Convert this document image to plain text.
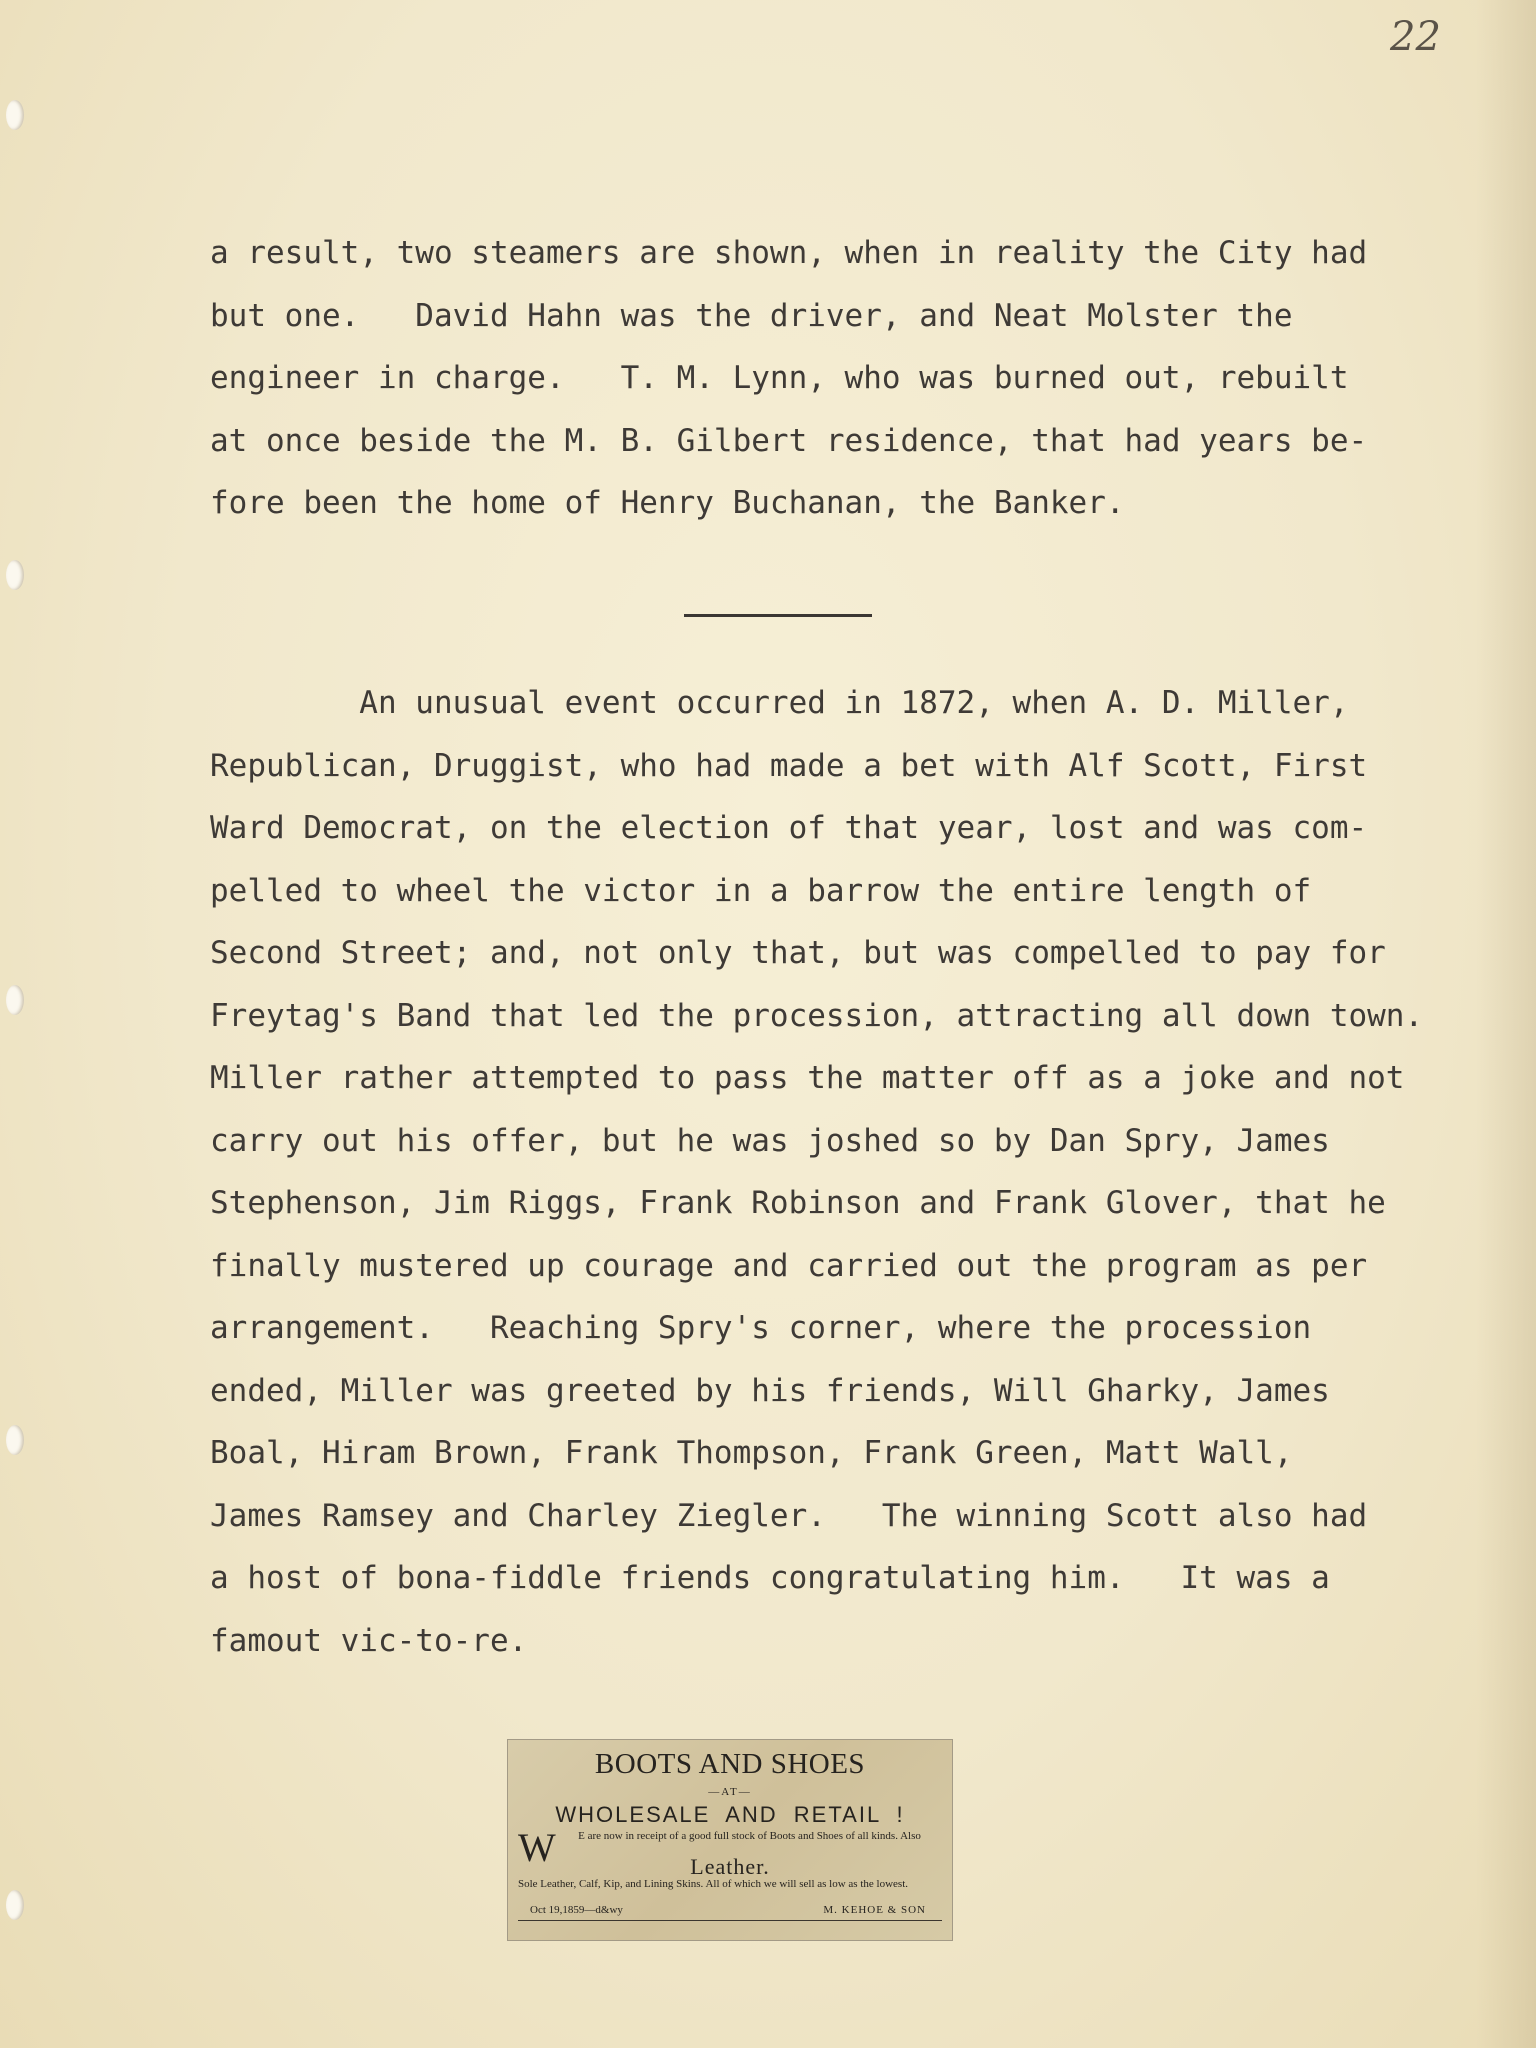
22
a result, two steamers are shown, when in reality the City had
but one.   David Hahn was the driver, and Neat Molster the
engineer in charge.   T. M. Lynn, who was burned out, rebuilt
at once beside the M. B. Gilbert residence, that had years be-
fore been the home of Henry Buchanan, the Banker.
An unusual event occurred in 1872, when A. D. Miller,
Republican, Druggist, who had made a bet with Alf Scott, First
Ward Democrat, on the election of that year, lost and was com-
pelled to wheel the victor in a barrow the entire length of
Second Street; and, not only that, but was compelled to pay for
Freytag's Band that led the procession, attracting all down town.
Miller rather attempted to pass the matter off as a joke and not
carry out his offer, but he was joshed so by Dan Spry, James
Stephenson, Jim Riggs, Frank Robinson and Frank Glover, that he
finally mustered up courage and carried out the program as per
arrangement.   Reaching Spry's corner, where the procession
ended, Miller was greeted by his friends, Will Gharky, James
Boal, Hiram Brown, Frank Thompson, Frank Green, Matt Wall,
James Ramsey and Charley Ziegler.   The winning Scott also had
a host of bona-fiddle friends congratulating him.   It was a
famout vic-to-re.
BOOTS AND SHOES
—AT—
WHOLESALE AND RETAIL !
W	E are now in receipt of a good full stock of Boots and Shoes of all kinds. Also
Leather.
Sole Leather, Calf, Kip, and Lining Skins. All of which we will sell as low as the lowest.
Oct 19,1859—d&wy	M. KEHOE & SON
